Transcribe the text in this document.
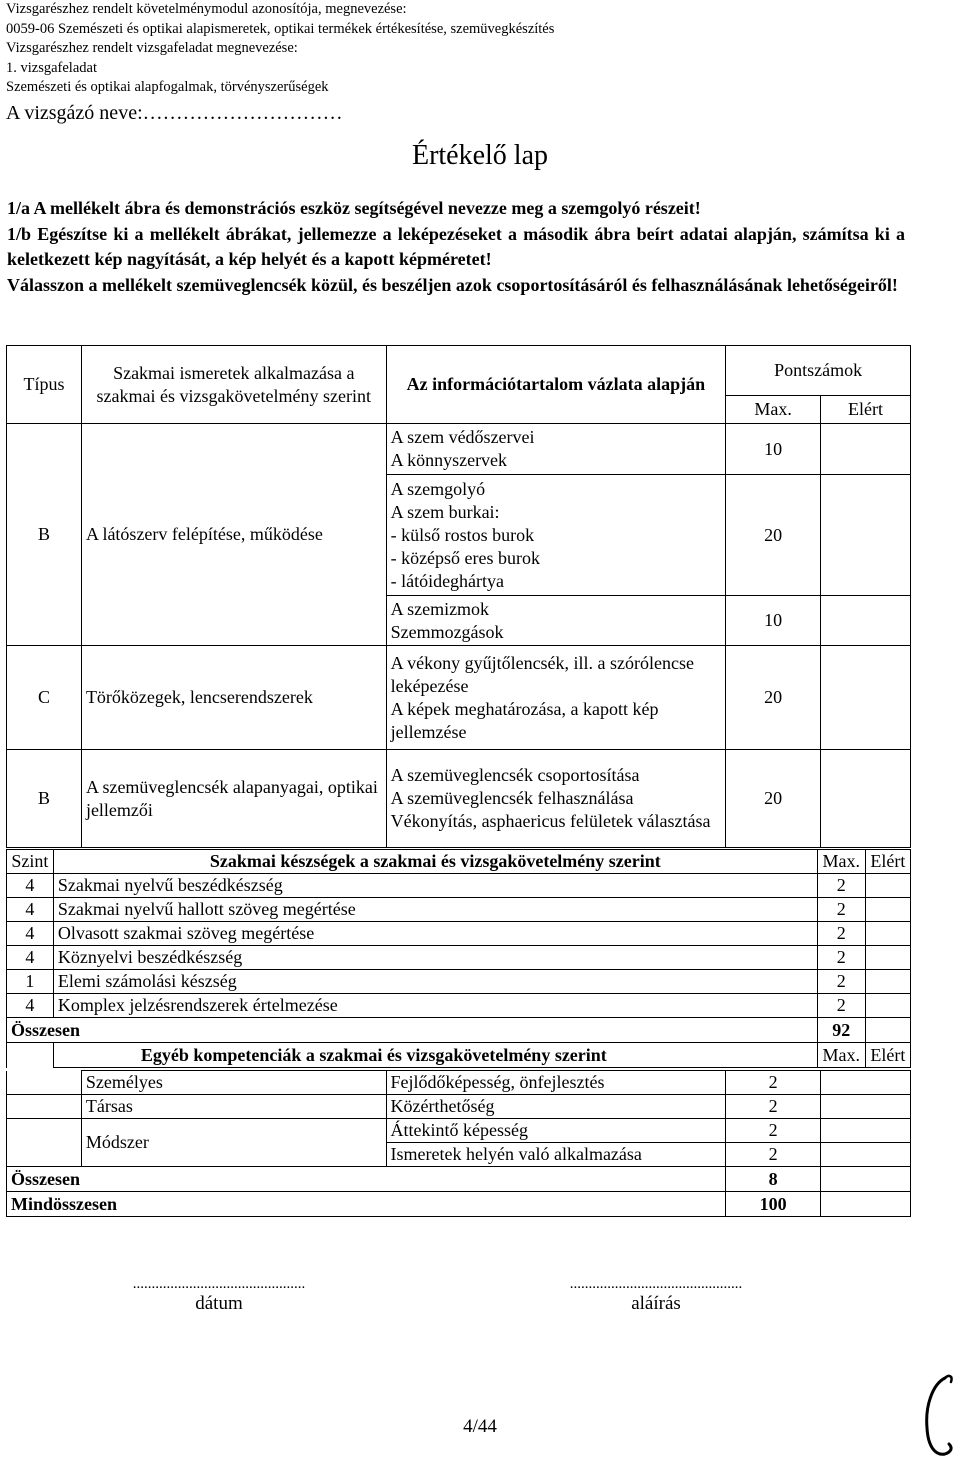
Vizsgarészhez rendelt követelménymodul azonosítója, megnevezése:
0059-06 Szemészeti és optikai alapismeretek, optikai termékek értékesítése, szemüvegkészítés
Vizsgarészhez rendelt vizsgafeladat megnevezése:
1. vizsgafeladat
Szemészeti és optikai alapfogalmak, törvényszerűségek
A vizsgázó neve:…………………………
Értékelő lap

1/a A mellékelt ábra és demonstrációs eszköz segítségével nevezze meg a szemgolyó részeit!

1/b Egészítse ki a mellékelt ábrákat, jellemezze a leképezéseket a második ábra beírt adatai alapján, számítsa ki a keletkezett kép nagyítását, a kép helyét és a kapott képméretet!

Válasszon a mellékelt szemüveglencsék közül, és beszéljen azok csoportosításáról és felhasználásának lehetőségeiről!

Típus	Szakmai ismeretek alkalmazása a szakmai és vizsgakövetelmény szerint	Az információtartalom vázlata alapján	Pontszámok	
			Max.	Elért
B	A látószerv felépítése, működése	A szem védőszervei
A könnyszervek	10	

		A szemgolyó
A szem burkai:
- külső rostos burok
- középső eres burok
- látóideghártya	20	

		A szemizmok
Szemmozgások	10	
C	Törőközegek, lencserendszerek	A vékony gyűjtőlencsék, ill. a szórólencse leképezése
A képek meghatározása, a kapott kép jellemzése	20	
B	A szemüveglencsék alapanyagai, optikai jellemzői	A szemüveglencsék csoportosítása
A szemüveglencsék felhasználása
Vékonyítás, asphaericus felületek választása	20	
Szint	Szakmai készségek a szakmai és vizsgakövetelmény szerint	Max.	Elért
4	Szakmai nyelvű beszédkészség	2	
4	Szakmai nyelvű hallott szöveg megértése	2	
4	Olvasott szakmai szöveg megértése	2	
4	Köznyelvi beszédkészség	2	
1	Elemi számolási készség	2	
4	Komplex jelzésrendszerek értelmezése	2	
Összesen		92	

	Egyéb kompetenciák a szakmai és vizsgakövetelmény szerint	Max.	Elért
	Személyes	Fejlődőképesség, önfejlesztés	2	
	Társas	Közérthetőség	2	
	Módszer	Áttekintő képesség	2	
		Ismeretek helyén való alkalmazása	2	
Összesen			8	
Mindösszesen			100	
..............................................
dátum
..............................................
aláírás
4/44
